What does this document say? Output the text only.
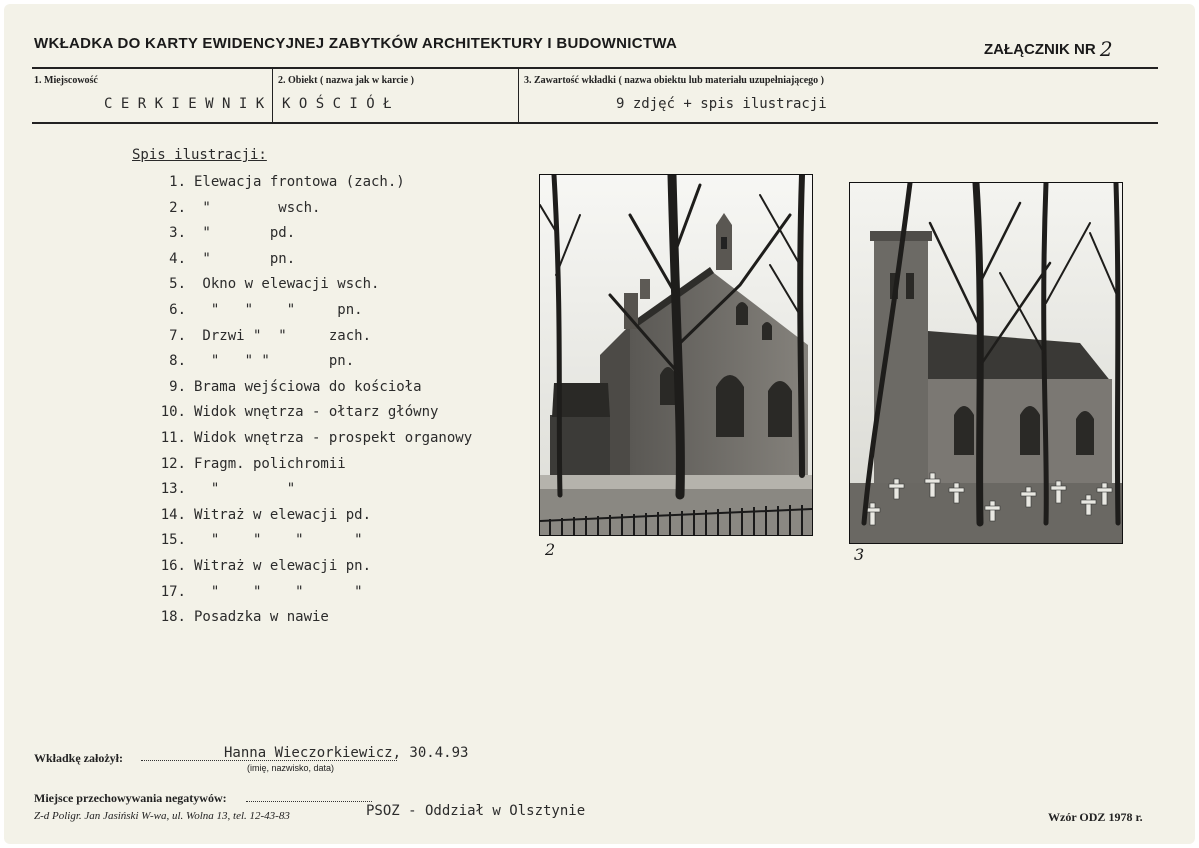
WKŁADKA DO KARTY EWIDENCYJNEJ ZABYTKÓW ARCHITEKTURY I BUDOWNICTWA	ZAŁĄCZNIK NR 2
1. Miejscowość
C E R K I E W N I K
2. Obiekt ( nazwa jak w karcie )
K O Ś C I Ó Ł
3. Zawartość wkładki ( nazwa obiektu lub materiału uzupełniającego )
9 zdjęć + spis ilustracji
Spis ilustracji:
1. Elewacja frontowa (zach.)
2. "        wsch.
3. "       pd.
4. "       pn.
5. Okno w elewacji wsch.
6.  "   "    "     pn.
7. Drzwi "  "     zach.
8.  "   " "       pn.
9. Brama wejściowa do kościoła
10. Widok wnętrza - ołtarz główny
11. Widok wnętrza - prospekt organowy
12. Fragm. polichromii
13.  "        "
14. Witraż w elewacji pd.
15.  "    "    "      "
16. Witraż w elewacji pn.
17.  "    "    "      "
18. Posadzka w nawie
2	3
Wkładkę założył:	Hanna Wieczorkiewicz, 30.4.93
(imię, nazwisko, data)
Miejsce przechowywania negatywów:
PSOZ - Oddział w Olsztynie
Z-d Poligr. Jan Jasiński W-wa, ul. Wolna 13, tel. 12-43-83	Wzór ODZ 1978 r.
